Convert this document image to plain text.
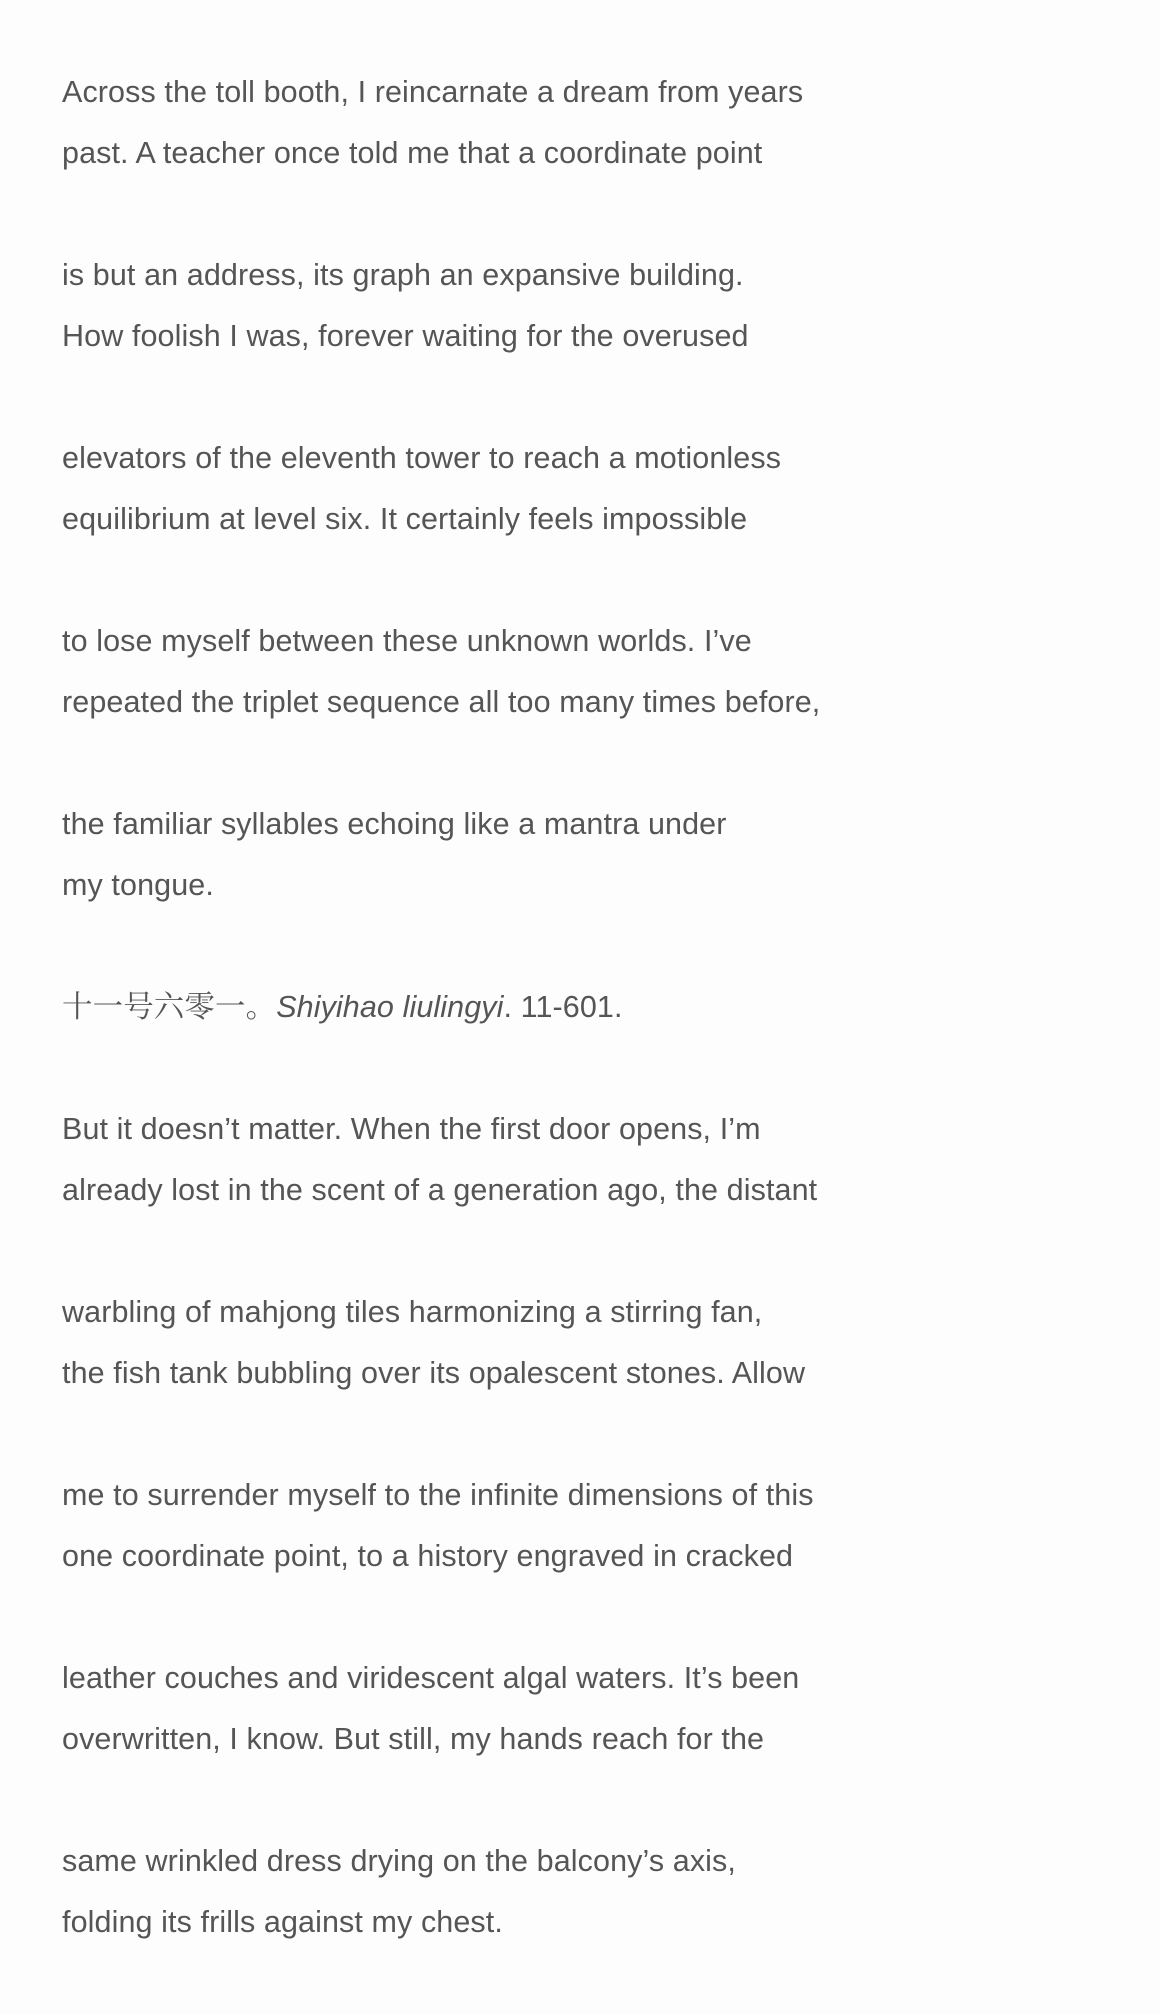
Across the toll booth, I reincarnate a dream from years
past. A teacher once told me that a coordinate point
is but an address, its graph an expansive building.
How foolish I was, forever waiting for the overused
elevators of the eleventh tower to reach a motionless
equilibrium at level six. It certainly feels impossible
to lose myself between these unknown worlds. I’ve
repeated the triplet sequence all too many times before,
the familiar syllables echoing like a mantra under
my tongue.
十一号六零一。Shiyihao liulingyi. 11-601.
But it doesn’t matter. When the first door opens, I’m
already lost in the scent of a generation ago, the distant
warbling of mahjong tiles harmonizing a stirring fan,
the fish tank bubbling over its opalescent stones. Allow
me to surrender myself to the infinite dimensions of this
one coordinate point, to a history engraved in cracked
leather couches and viridescent algal waters. It’s been
overwritten, I know. But still, my hands reach for the
same wrinkled dress drying on the balcony’s axis,
folding its frills against my chest.
